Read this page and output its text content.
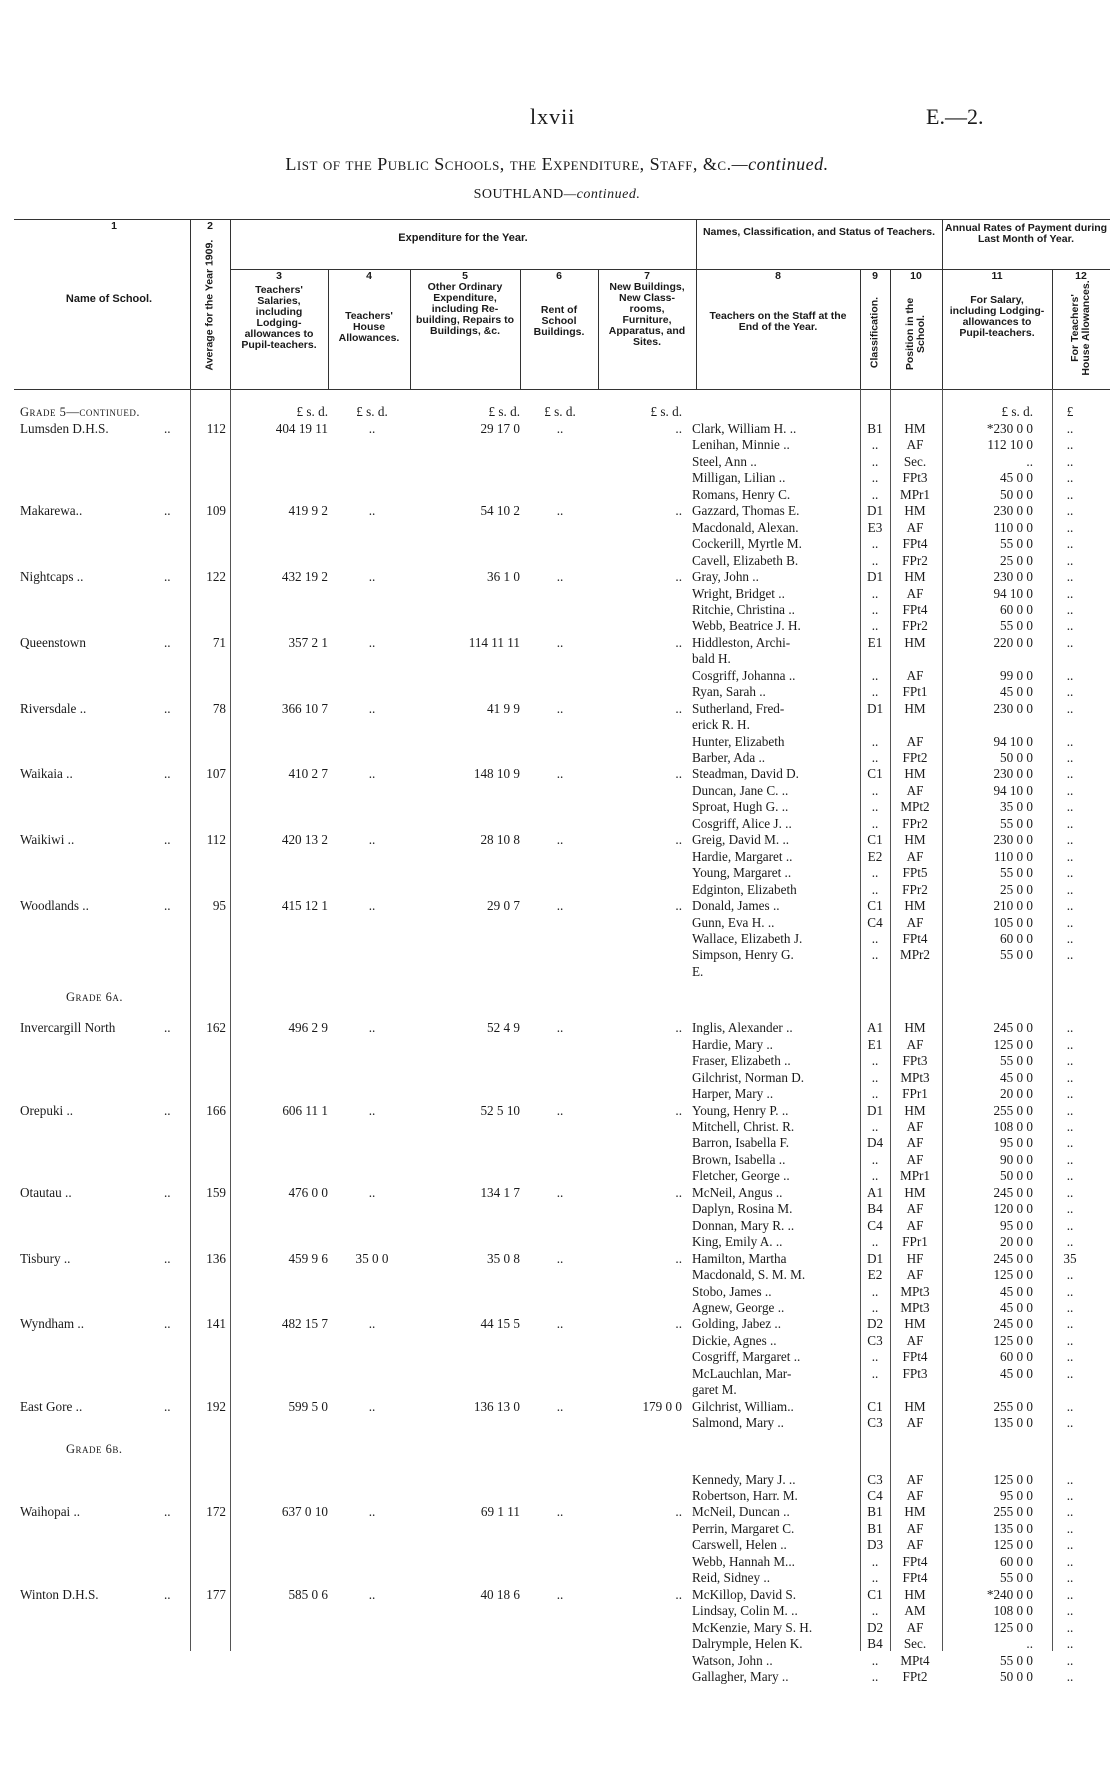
lxvii	E.—2.
List of the Public Schools, the Expenditure, Staff, &c.—continued.
SOUTHLAND—continued.
1
Name of School.
2
Average for the Year 1909.
Expenditure for the Year.
3
Teachers' Salaries, including Lodging-allowances to Pupil-teachers.
4
Teachers' House Allowances.
5
Other Ordinary Expenditure, including Re-building, Repairs to Buildings, &c.
6
Rent of School Buildings.
7
New Buildings, New Class-rooms, Furniture, Apparatus, and Sites.
Names, Classification, and Status of Teachers.
8
Teachers on the Staff at the End of the Year.
9
Classification.
10
Position in the School.
Annual Rates of Payment during Last Month of Year.
11
For Salary, including Lodging-allowances to Pupil-teachers.
12
For Teachers' House Allowances.
Grade 5—continued.	£ s. d.	£ s. d.	£ s. d.	£ s. d.	£ s. d.	£ s. d.	£
Lumsden D.H.S.	..	112	404 19 11	..	29 17 0	..	.. Clark, William H. ..	B1	HM	*230 0 0	..
Lenihan, Minnie ..	..	AF	112 10 0	..
Steel, Ann ..	..	Sec.	..	..
Milligan, Lilian ..	..	FPt3	45 0 0	..
Romans, Henry C.	..	MPr1	50 0 0	..
Makarewa..	..	109	419 9 2	..	54 10 2	..	.. Gazzard, Thomas E.	D1	HM	230 0 0	..
Macdonald, Alexan.	E3	AF	110 0 0	..
Cockerill, Myrtle M.	..	FPt4	55 0 0	..
Cavell, Elizabeth B.	..	FPr2	25 0 0	..
Nightcaps ..	..	122	432 19 2	..	36 1 0	..	.. Gray, John ..	D1	HM	230 0 0	..
Wright, Bridget ..	..	AF	94 10 0	..
Ritchie, Christina ..	..	FPt4	60 0 0	..
Webb, Beatrice J. H.	..	FPr2	55 0 0	..
Queenstown	..	71	357 2 1	..	114 11 11	..	.. Hiddleston, Archi-	E1	HM	220 0 0	..
bald H.
Cosgriff, Johanna ..	..	AF	99 0 0	..
Ryan, Sarah ..	..	FPt1	45 0 0	..
Riversdale ..	..	78	366 10 7	..	41 9 9	..	.. Sutherland, Fred-	D1	HM	230 0 0	..
erick R. H.
Hunter, Elizabeth	..	AF	94 10 0	..
Barber, Ada ..	..	FPt2	50 0 0	..
Waikaia ..	..	107	410 2 7	..	148 10 9	..	.. Steadman, David D.	C1	HM	230 0 0	..
Duncan, Jane C. ..	..	AF	94 10 0	..
Sproat, Hugh G. ..	..	MPt2	35 0 0	..
Cosgriff, Alice J. ..	..	FPr2	55 0 0	..
Waikiwi ..	..	112	420 13 2	..	28 10 8	..	.. Greig, David M. ..	C1	HM	230 0 0	..
Hardie, Margaret ..	E2	AF	110 0 0	..
Young, Margaret ..	..	FPt5	55 0 0	..
Edginton, Elizabeth	..	FPr2	25 0 0	..
Woodlands ..	..	95	415 12 1	..	29 0 7	..	.. Donald, James ..	C1	HM	210 0 0	..
Gunn, Eva H. ..	C4	AF	105 0 0	..
Wallace, Elizabeth J.	..	FPt4	60 0 0	..
Simpson, Henry G.	..	MPr2	55 0 0	..
E.
Grade 6a.
Invercargill North	..	162	496 2 9	..	52 4 9	..	.. Inglis, Alexander ..	A1	HM	245 0 0	..
Hardie, Mary ..	E1	AF	125 0 0	..
Fraser, Elizabeth ..	..	FPt3	55 0 0	..
Gilchrist, Norman D.	..	MPt3	45 0 0	..
Harper, Mary ..	..	FPr1	20 0 0	..
Orepuki ..	..	166	606 11 1	..	52 5 10	..	.. Young, Henry P. ..	D1	HM	255 0 0	..
Mitchell, Christ. R.	..	AF	108 0 0	..
Barron, Isabella F.	D4	AF	95 0 0	..
Brown, Isabella ..	..	AF	90 0 0	..
Fletcher, George ..	..	MPr1	50 0 0	..
Otautau ..	..	159	476 0 0	..	134 1 7	..	.. McNeil, Angus ..	A1	HM	245 0 0	..
Daplyn, Rosina M.	B4	AF	120 0 0	..
Donnan, Mary R. ..	C4	AF	95 0 0	..
King, Emily A. ..	..	FPr1	20 0 0	..
Tisbury ..	..	136	459 9 6	35 0 0	35 0 8	..	.. Hamilton, Martha	D1	HF	245 0 0	35
Macdonald, S. M. M.	E2	AF	125 0 0	..
Stobo, James ..	..	MPt3	45 0 0	..
Agnew, George ..	..	MPt3	45 0 0	..
Wyndham ..	..	141	482 15 7	..	44 15 5	..	.. Golding, Jabez ..	D2	HM	245 0 0	..
Dickie, Agnes ..	C3	AF	125 0 0	..
Cosgriff, Margaret ..	..	FPt4	60 0 0	..
McLauchlan, Mar-	..	FPt3	45 0 0	..
garet M.
East Gore ..	..	192	599 5 0	..	136 13 0	..	179 0 0 Gilchrist, William..	C1	HM	255 0 0	..
Salmond, Mary ..	C3	AF	135 0 0	..
Grade 6b.
Kennedy, Mary J. ..	C3	AF	125 0 0	..
Robertson, Harr. M.	C4	AF	95 0 0	..
Waihopai ..	..	172	637 0 10	..	69 1 11	..	.. McNeil, Duncan ..	B1	HM	255 0 0	..
Perrin, Margaret C.	B1	AF	135 0 0	..
Carswell, Helen ..	D3	AF	125 0 0	..
Webb, Hannah M...	..	FPt4	60 0 0	..
Reid, Sidney ..	..	FPt4	55 0 0	..
Winton D.H.S.	..	177	585 0 6	..	40 18 6	..	.. McKillop, David S.	C1	HM	*240 0 0	..
Lindsay, Colin M. ..	..	AM	108 0 0	..
McKenzie, Mary S. H.	D2	AF	125 0 0	..
Dalrymple, Helen K.	B4	Sec.	..	..
Watson, John ..	..	MPt4	55 0 0	..
Gallagher, Mary ..	..	FPt2	50 0 0	..
